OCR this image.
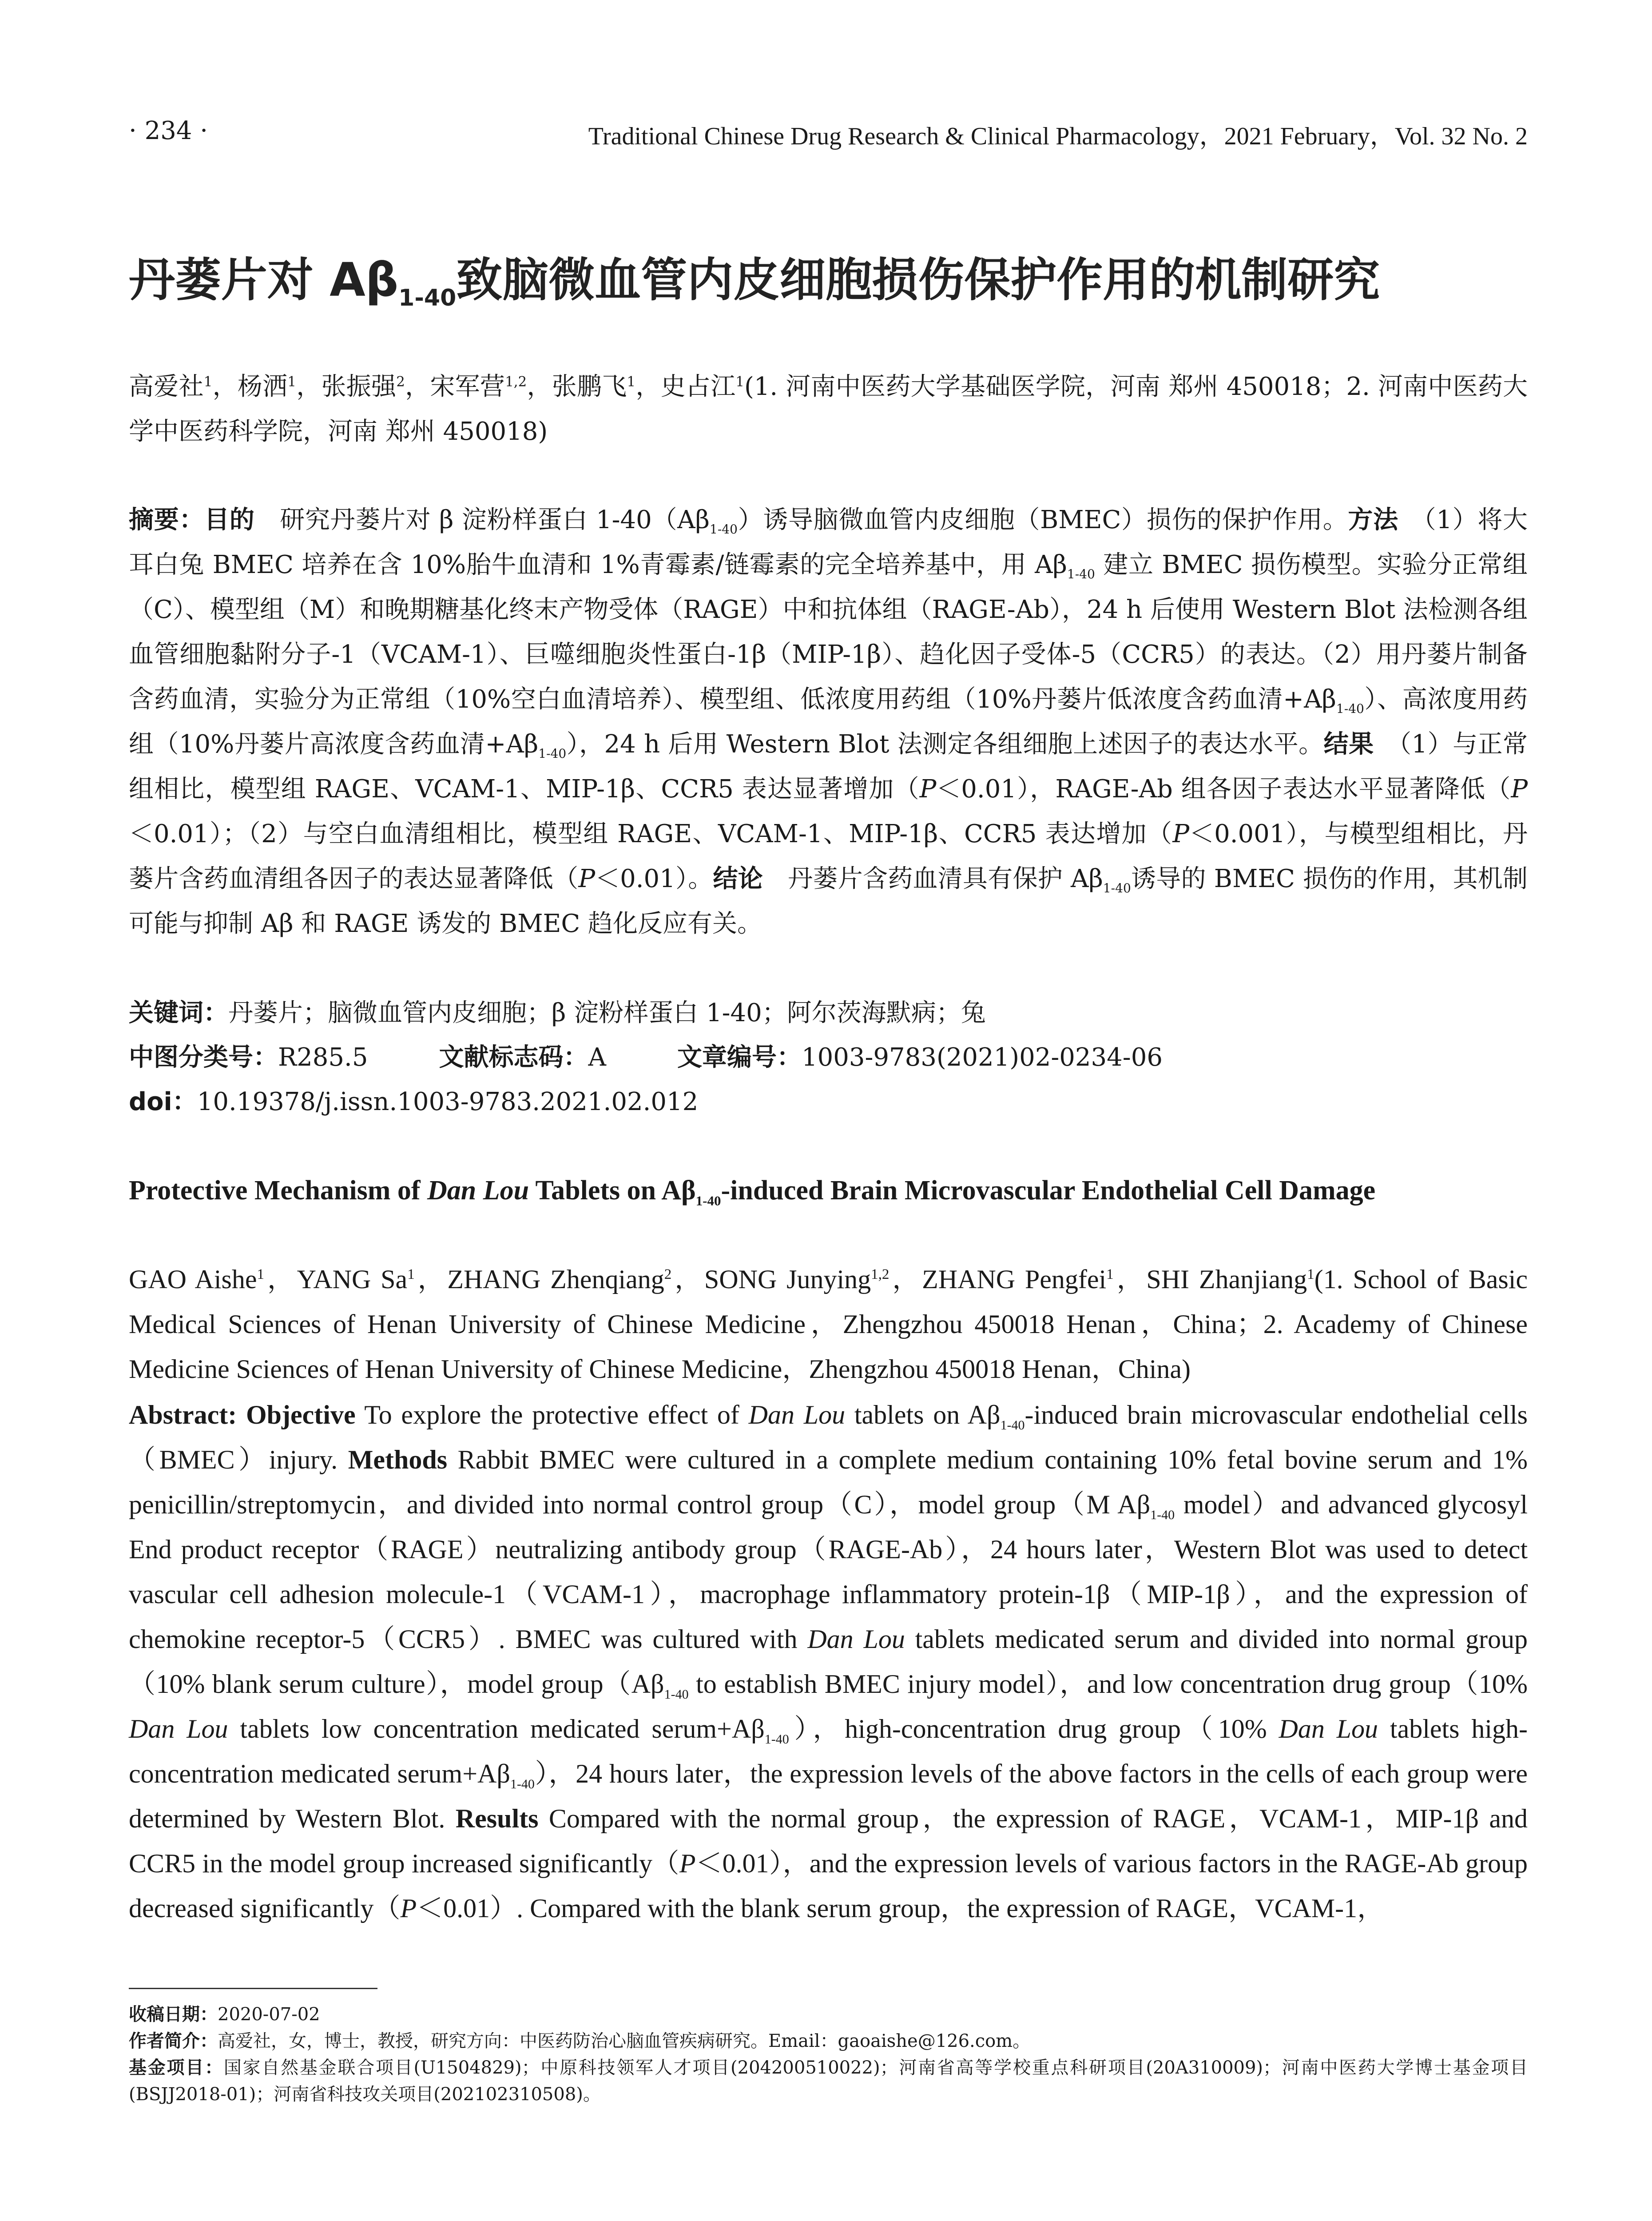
· 234 ·	Traditional Chinese Drug Research & Clinical Pharmacology，2021 February，Vol. 32 No. 2
丹蒌片对 $A\beta_{1-40}$致脑微血管内皮细胞损伤保护作用的机制研究
高爱社$^1$，杨洒$^1$，张振强$^2$，宋军营$^{1,2}$，张鹏飞$^1$，史占江$^1$(1. 河南中医药大学基础医学院，河南 郑州 450018；2. 河南中医药大学中医药科学院，河南 郑州 450018)
摘要：目的　 研究丹蒌片对 β 淀粉样蛋白 $1-40(A\beta_{1-40})$诱导脑微血管内皮细胞（BMEC）损伤的保护作用。方法　 （1）将大耳白兔 BMEC 培养在含 10%胎牛血清和 1%青霉素/链霉素的完全培养基中，用 $A\beta_{1-40}$ 建立 BMEC 损伤模型。实验分正常组（C）、模型组（M）和晚期糖基化终末产物受体（RAGE）中和抗体组（RAGE-Ab），24 h 后使用 Western Blot 法检测各组血管细胞黏附分子-1（VCAM-1）、巨噬细胞炎性蛋白-1β（MIP-1β）、趋化因子受体-5（CCR5）的表达。（2）用丹蒌片制备含药血清，实验分为正常组（10%空白血清培养）、模型组、低浓度用药组（10%丹蒌片低浓度含药血清$+A\beta_{1-40}$）、高浓度用药组（10%丹蒌片高浓度含药血清$+A\beta_{1-40}$），24 h 后用 Western Blot 法测定各组细胞上述因子的表达水平。结果　 （1）与正常组相比，模型组 RAGE、VCAM-1、MIP-1β、CCR5 表达显著增加（P＜0.01），RAGE-Ab 组各因子表达水平显著降低（P＜0.01）；（2）与空白血清组相比，模型组 RAGE、VCAM-1、MIP-1β、CCR5 表达增加（P＜0.001），与模型组相比，丹蒌片含药血清组各因子的表达显著降低（P＜0.01）。结论　 丹蒌片含药血清具有保护 $A\beta_{1-40}$诱导的 BMEC 损伤的作用，其机制可能与抑制 Aβ 和 RAGE 诱发的 BMEC 趋化反应有关。
关键词：丹蒌片；脑微血管内皮细胞；β 淀粉样蛋白 1-40；阿尔茨海默病；兔
中图分类号：R285.5	文献标志码：A	文章编号：1003-9783(2021)02-0234-06
doi：10.19378/j.issn.1003-9783.2021.02.012
Protective Mechanism of Dan Lou Tablets on $A\beta_{1-40}$-induced Brain Microvascular Endothelial Cell Damage
GAO Aishe$^1$，YANG Sa$^1$，ZHANG Zhenqiang$^2$，SONG Junying$^{1,2}$，ZHANG Pengfei$^1$，SHI Zhanjiang$^1$(1. School of Basic Medical Sciences of Henan University of Chinese Medicine，Zhengzhou 450018 Henan，China；2. Academy of Chinese Medicine Sciences of Henan University of Chinese Medicine，Zhengzhou 450018 Henan，China)
Abstract: Objective To explore the protective effect of Dan Lou tablets on $A\beta_{1-40}$-induced brain microvascular endothelial cells（BMEC）injury. Methods Rabbit BMEC were cultured in a complete medium containing 10% fetal bovine serum and 1% penicillin/streptomycin，and divided into normal control group（C），model group（M $A\beta_{1-40}$ model）and advanced glycosyl End product receptor（RAGE）neutralizing antibody group（RAGE-Ab），24 hours later，Western Blot was used to detect vascular cell adhesion molecule-1（VCAM-1），macrophage inflammatory protein-1β（MIP-1β），and the expression of chemokine receptor-5（CCR5）. BMEC was cultured with Dan Lou tablets medicated serum and divided into normal group（10% blank serum culture），model $group(A\beta_{1-40}$ to establish BMEC injury model），and low concentration drug group（10% Dan Lou tablets low concentration medicated $serum+A\beta_{1-40}$），high-concentration drug group（10% Dan Lou tablets high-concentration medicated $serum+A\beta_{1-40}$），24 hours later，the expression levels of the above factors in the cells of each group were determined by Western Blot. Results Compared with the normal group，the expression of RAGE，VCAM-1，MIP-1β and CCR5 in the model group increased significantly（P＜0.01），and the expression levels of various factors in the RAGE-Ab group decreased significantly（P＜0.01）. Compared with the blank serum group，the expression of RAGE，VCAM-1，
收稿日期：2020-07-02
作者简介：高爱社，女，博士，教授，研究方向：中医药防治心脑血管疾病研究。Email：gaoaishe@126.com。
基金项目：国家自然基金联合项目(U1504829)；中原科技领军人才项目(204200510022)；河南省高等学校重点科研项目(20A310009)；河南中医药大学博士基金项目(BSJJ2018-01)；河南省科技攻关项目(202102310508)。
